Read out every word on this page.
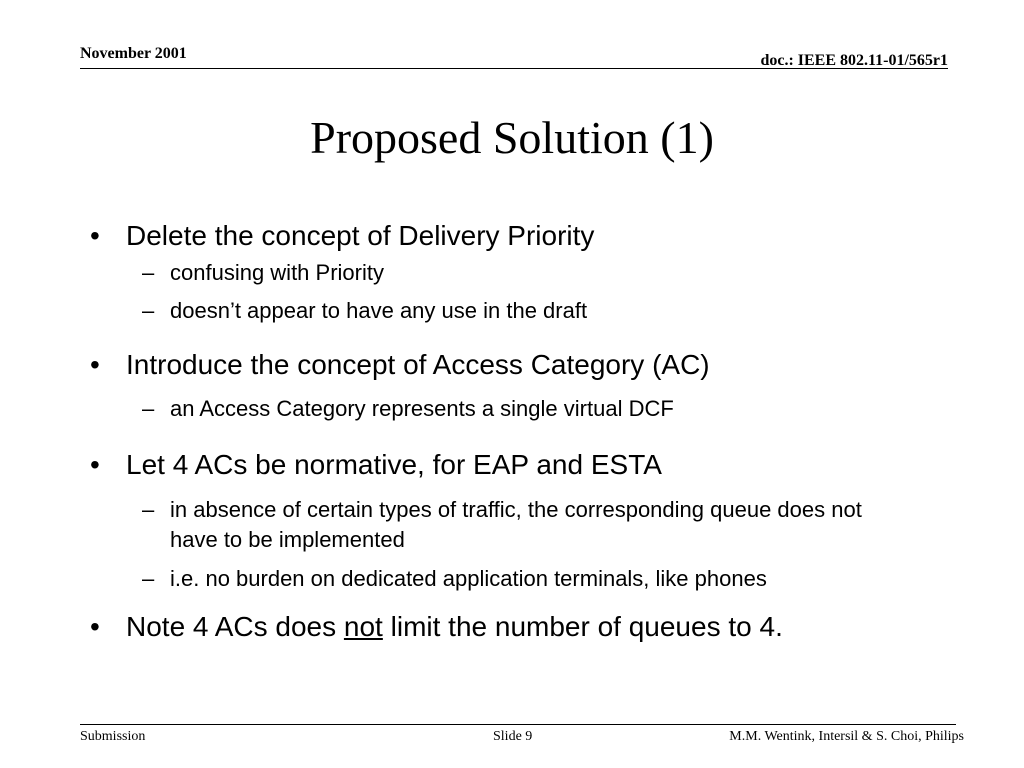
November 2001	doc.: IEEE 802.11-01/565r1
Proposed Solution (1)
• Delete the concept of Delivery Priority
– confusing with Priority
– doesn’t appear to have any use in the draft
• Introduce the concept of Access Category (AC)
– an Access Category represents a single virtual DCF
• Let 4 ACs be normative, for EAP and ESTA
– in absence of certain types of traffic, the corresponding queue does not have to be implemented
– i.e. no burden on dedicated application terminals, like phones
• Note 4 ACs does not limit the number of queues to 4.
Submission	Slide 9	M.M. Wentink, Intersil & S. Choi, Philips
